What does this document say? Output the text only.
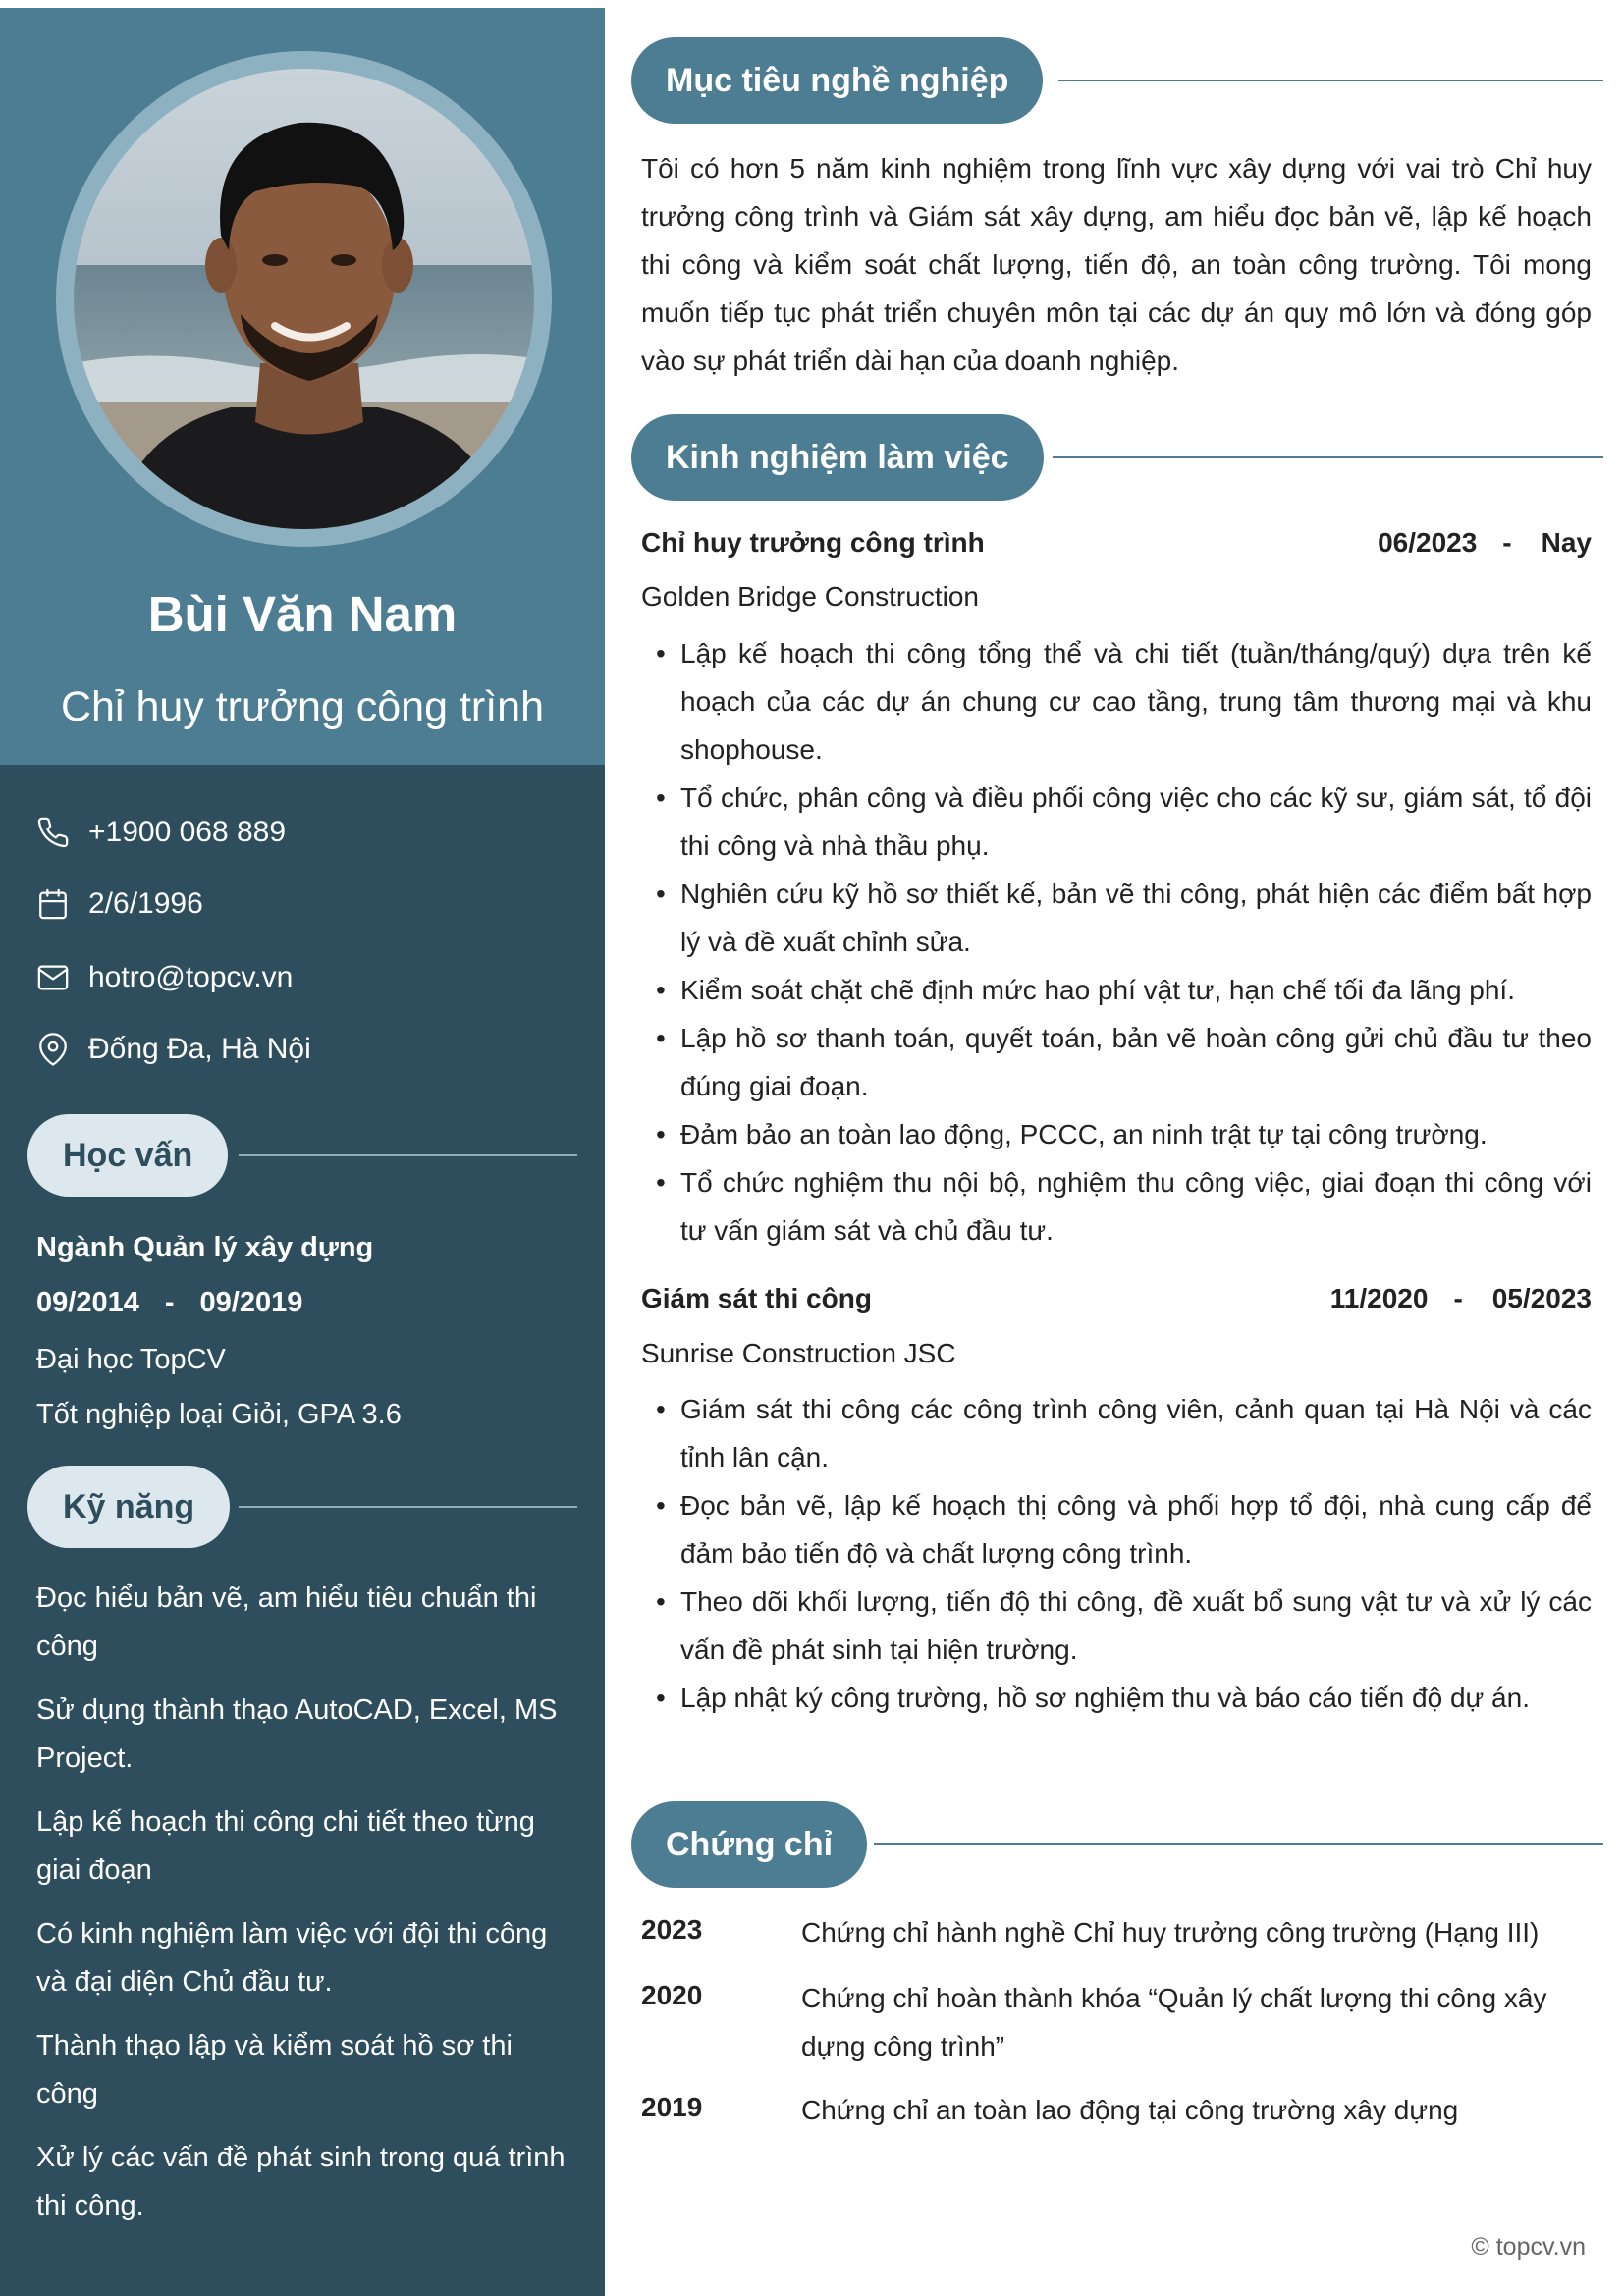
Bùi Văn Nam
Chỉ huy trưởng công trình
+1900 068 889
2/6/1996
hotro@topcv.vn
Đống Đa, Hà Nội
Học vấn
Ngành Quản lý xây dựng
09/2014 - 09/2019
Đại học TopCV
Tốt nghiệp loại Giỏi, GPA 3.6
Kỹ năng
Đọc hiểu bản vẽ, am hiểu tiêu chuẩn thi công
Sử dụng thành thạo AutoCAD, Excel, MS Project.
Lập kế hoạch thi công chi tiết theo từng giai đoạn
Có kinh nghiệm làm việc với đội thi công và đại diện Chủ đầu tư.
Thành thạo lập và kiểm soát hồ sơ thi công
Xử lý các vấn đề phát sinh trong quá trình thi công.
Mục tiêu nghề nghiệp
Tôi có hơn 5 năm kinh nghiệm trong lĩnh vực xây dựng với vai trò Chỉ huy trưởng công trình và Giám sát xây dựng, am hiểu đọc bản vẽ, lập kế hoạch thi công và kiểm soát chất lượng, tiến độ, an toàn công trường. Tôi mong muốn tiếp tục phát triển chuyên môn tại các dự án quy mô lớn và đóng góp vào sự phát triển dài hạn của doanh nghiệp.
Kinh nghiệm làm việc
Chỉ huy trưởng công trình	06/2023 - Nay
Golden Bridge Construction
• Lập kế hoạch thi công tổng thể và chi tiết (tuần/tháng/quý) dựa trên kế hoạch của các dự án chung cư cao tầng, trung tâm thương mại và khu shophouse.
• Tổ chức, phân công và điều phối công việc cho các kỹ sư, giám sát, tổ đội thi công và nhà thầu phụ.
• Nghiên cứu kỹ hồ sơ thiết kế, bản vẽ thi công, phát hiện các điểm bất hợp lý và đề xuất chỉnh sửa.
• Kiểm soát chặt chẽ định mức hao phí vật tư, hạn chế tối đa lãng phí.
• Lập hồ sơ thanh toán, quyết toán, bản vẽ hoàn công gửi chủ đầu tư theo đúng giai đoạn.
• Đảm bảo an toàn lao động, PCCC, an ninh trật tự tại công trường.
• Tổ chức nghiệm thu nội bộ, nghiệm thu công việc, giai đoạn thi công với tư vấn giám sát và chủ đầu tư.
Giám sát thi công	11/2020 - 05/2023
Sunrise Construction JSC
• Giám sát thi công các công trình công viên, cảnh quan tại Hà Nội và các tỉnh lân cận.
• Đọc bản vẽ, lập kế hoạch thị công và phối hợp tổ đội, nhà cung cấp để đảm bảo tiến độ và chất lượng công trình.
• Theo dõi khối lượng, tiến độ thi công, đề xuất bổ sung vật tư và xử lý các vấn đề phát sinh tại hiện trường.
• Lập nhật ký công trường, hồ sơ nghiệm thu và báo cáo tiến độ dự án.
Chứng chỉ
2023	Chứng chỉ hành nghề Chỉ huy trưởng công trường (Hạng III)
2020	Chứng chỉ hoàn thành khóa “Quản lý chất lượng thi công xây dựng công trình”
2019	Chứng chỉ an toàn lao động tại công trường xây dựng
© topcv.vn
